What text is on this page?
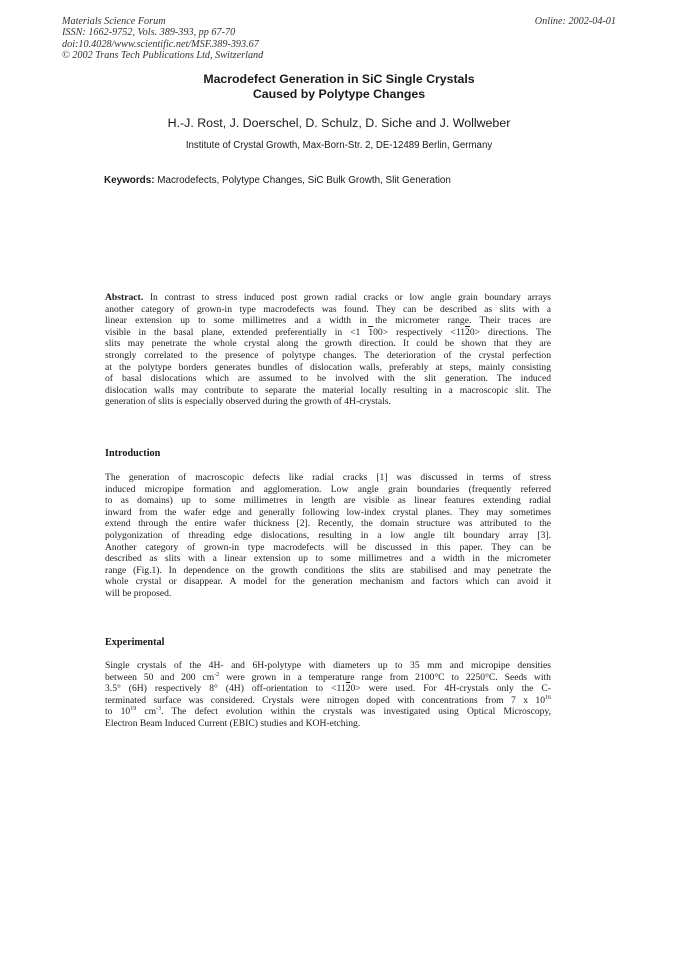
Materials Science Forum
ISSN: 1662-9752, Vols. 389-393, pp 67-70
doi:10.4028/www.scientific.net/MSF.389-393.67
© 2002 Trans Tech Publications Ltd, Switzerland
Online: 2002-04-01
Macrodefect Generation in SiC Single Crystals
Caused by Polytype Changes
H.-J. Rost, J. Doerschel, D. Schulz, D. Siche and J. Wollweber
Institute of Crystal Growth, Max-Born-Str. 2, DE-12489 Berlin, Germany
Keywords: Macrodefects, Polytype Changes, SiC Bulk Growth, Slit Generation
Abstract. In contrast to stress induced post grown radial cracks or low angle grain boundary arrays
another category of grown-in type macrodefects was found. They can be described as slits with a
linear extension up to some millimetres and a width in the micrometer range. Their traces are
visible in the basal plane, extended preferentially in <1 100> respectively <1120> directions. The
slits may penetrate the whole crystal along the growth direction. It could be shown that they are
strongly correlated to the presence of polytype changes. The deterioration of the crystal perfection
at the polytype borders generates bundles of dislocation walls, preferably at steps, mainly consisting
of basal dislocations which are assumed to be involved with the slit generation. The induced
dislocation walls may contribute to separate the material locally resulting in a macroscopic slit. The
generation of slits is especially observed during the growth of 4H-crystals.
Introduction
The generation of macroscopic defects like radial cracks [1] was discussed in terms of stress
induced micropipe formation and agglomeration. Low angle grain boundaries (frequently referred
to as domains) up to some millimetres in length are visible as linear features extending radial
inward from the wafer edge and generally following low-index crystal planes. They may sometimes
extend through the entire wafer thickness [2]. Recently, the domain structure was attributed to the
polygonization of threading edge dislocations, resulting in a low angle tilt boundary array [3].
Another category of grown-in type macrodefects will be discussed in this paper. They can be
described as slits with a linear extension up to some millimetres and a width in the micrometer
range (Fig.1). In dependence on the growth conditions the slits are stabilised and may penetrate the
whole crystal or disappear. A model for the generation mechanism and factors which can avoid it
will be proposed.
Experimental
Single crystals of the 4H- and 6H-polytype with diameters up to 35 mm and micropipe densities
between 50 and 200 $cm^{-2}$ were grown in a temperature range from 2100°C to 2250°C. Seeds with
3.5° (6H) respectively 8° (4H) off-orientation to <1120> were used. For 4H-crystals only the C-
terminated surface was considered. Crystals were nitrogen doped with concentrations from 7 x $10^{16}$
to $10^{19}$ $cm^{-3}$. The defect evolution within the crystals was investigated using Optical Microscopy,
Electron Beam Induced Current (EBIC) studies and KOH-etching.
